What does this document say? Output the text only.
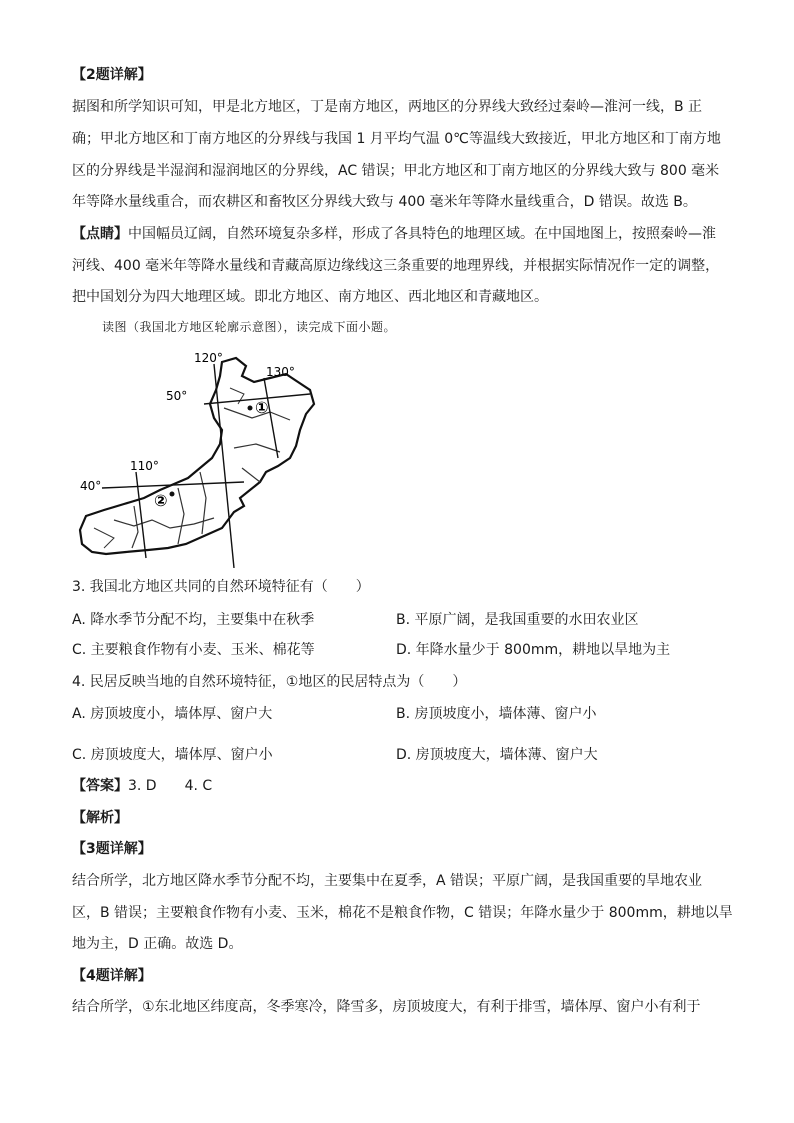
【2题详解】
据图和所学知识可知，甲是北方地区，丁是南方地区，两地区的分界线大致经过秦岭—淮河一线，B 正
确；甲北方地区和丁南方地区的分界线与我国 1 月平均气温 0℃等温线大致接近，甲北方地区和丁南方地
区的分界线是半湿润和湿润地区的分界线，AC 错误；甲北方地区和丁南方地区的分界线大致与 800 毫米
年等降水量线重合，而农耕区和畜牧区分界线大致与 400 毫米年等降水量线重合，D 错误。故选 B。
【点睛】中国幅员辽阔，自然环境复杂多样，形成了各具特色的地理区域。在中国地图上，按照秦岭—淮
河线、400 毫米年等降水量线和青藏高原边缘线这三条重要的地理界线，并根据实际情况作一定的调整，
把中国划分为四大地理区域。即北方地区、南方地区、西北地区和青藏地区。
读图（我国北方地区轮廓示意图），读完成下面小题。
120°
130°
110°
50°
40°
①
②
3. 我国北方地区共同的自然环境特征有（　　）
A. 降水季节分配不均，主要集中在秋季	B. 平原广阔，是我国重要的水田农业区
C. 主要粮食作物有小麦、玉米、棉花等	D. 年降水量少于 800mm，耕地以旱地为主
4. 民居反映当地的自然环境特征，①地区的民居特点为（　　）
A. 房顶坡度小，墙体厚、窗户大	B. 房顶坡度小，墙体薄、窗户小
C. 房顶坡度大，墙体厚、窗户小	D. 房顶坡度大，墙体薄、窗户大
【答案】3. D　　4. C
【解析】
【3题详解】
结合所学，北方地区降水季节分配不均，主要集中在夏季，A 错误；平原广阔，是我国重要的旱地农业
区，B 错误；主要粮食作物有小麦、玉米，棉花不是粮食作物，C 错误；年降水量少于 800mm，耕地以旱
地为主，D 正确。故选 D。
【4题详解】
结合所学，①东北地区纬度高，冬季寒冷，降雪多，房顶坡度大，有利于排雪，墙体厚、窗户小有利于
